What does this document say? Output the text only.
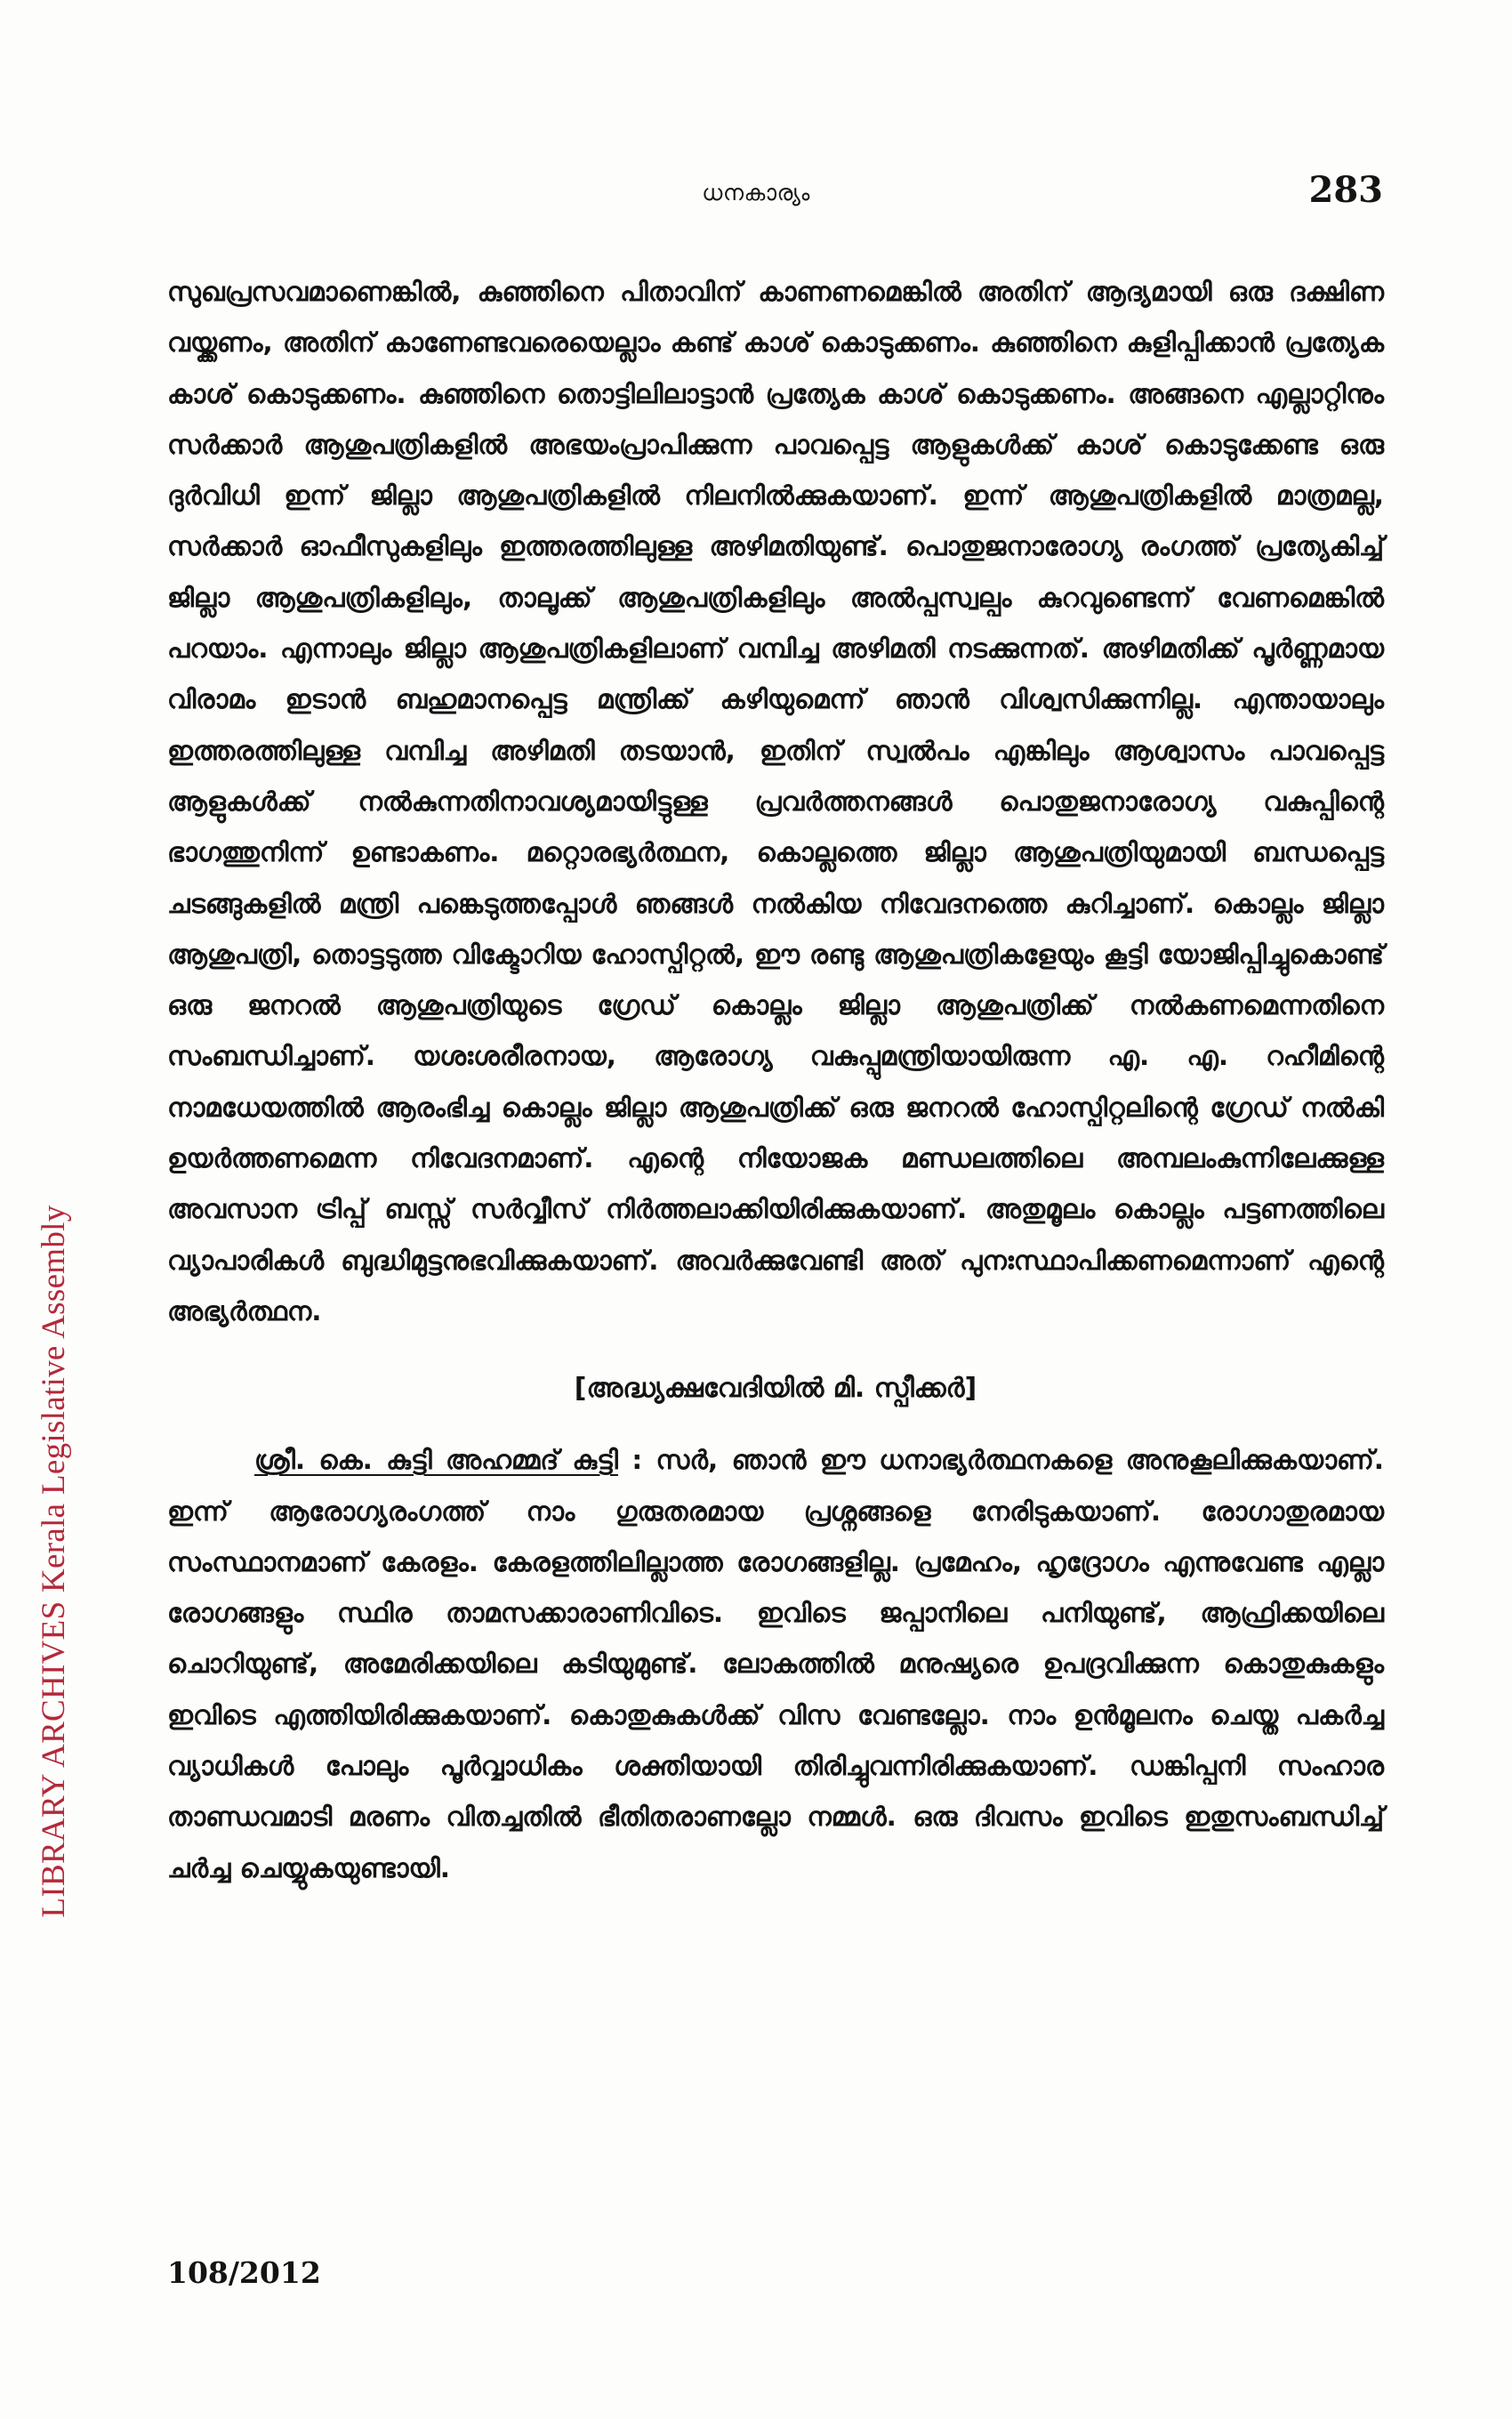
ധനകാര്യം	283
LIBRARY ARCHIVES Kerala Legislative Assembly

സുഖപ്രസവമാണെങ്കിൽ, കുഞ്ഞിനെ പിതാവിന് കാണണമെങ്കിൽ അതിന് ആദ്യമായി ഒരു ദക്ഷിണ വയ്ക്കണം, അതിന് കാണേണ്ടവരെയെല്ലാം കണ്ട് കാശ് കൊടുക്കണം. കുഞ്ഞിനെ കുളിപ്പിക്കാൻ പ്രത്യേക കാശ് കൊടുക്കണം. കുഞ്ഞിനെ തൊട്ടിലിലാട്ടാൻ പ്രത്യേക കാശ് കൊടുക്കണം. അങ്ങനെ എല്ലാറ്റിനും സർക്കാർ ആശുപത്രികളിൽ അഭയംപ്രാപിക്കുന്ന പാവപ്പെട്ട ആളുകൾക്ക് കാശ് കൊടുക്കേണ്ട ഒരു ദുർവിധി ഇന്ന് ജില്ലാ ആശുപത്രികളിൽ നിലനിൽക്കുകയാണ്. ഇന്ന് ആശുപത്രികളിൽ മാത്രമല്ല, സർക്കാർ ഓഫീസുകളിലും ഇത്തരത്തിലുള്ള അഴിമതിയുണ്ട്. പൊതുജനാരോഗ്യ രംഗത്ത് പ്രത്യേകിച്ച് ജില്ലാ ആശുപത്രികളിലും, താലൂക്ക് ആശുപത്രികളിലും അൽപ്പസ്വല്പം കുറവുണ്ടെന്ന് വേണമെങ്കിൽ പറയാം. എന്നാലും ജില്ലാ ആശുപത്രികളിലാണ് വമ്പിച്ച അഴിമതി നടക്കുന്നത്. അഴിമതിക്ക് പൂർണ്ണമായ വിരാമം ഇടാൻ ബഹുമാനപ്പെട്ട മന്ത്രിക്ക് കഴിയുമെന്ന് ഞാൻ വിശ്വസിക്കുന്നില്ല. എന്തായാലും ഇത്തരത്തിലുള്ള വമ്പിച്ച അഴിമതി തടയാൻ, ഇതിന് സ്വൽപം എങ്കിലും ആശ്വാസം പാവപ്പെട്ട ആളുകൾക്ക് നൽകുന്നതിനാവശ്യമായിട്ടുള്ള പ്രവർത്തനങ്ങൾ പൊതുജനാരോഗ്യ വകുപ്പിന്റെ ഭാഗത്തുനിന്ന് ഉണ്ടാകണം. മറ്റൊരഭ്യർത്ഥന, കൊല്ലത്തെ ജില്ലാ ആശുപത്രിയുമായി ബന്ധപ്പെട്ട ചടങ്ങുകളിൽ മന്ത്രി പങ്കെടുത്തപ്പോൾ ഞങ്ങൾ നൽകിയ നിവേദനത്തെ കുറിച്ചാണ്. കൊല്ലം ജില്ലാ ആശുപത്രി, തൊട്ടടുത്ത വിക്ടോറിയ ഹോസ്പിറ്റൽ, ഈ രണ്ടു ആശുപത്രികളേയും കൂട്ടി യോജിപ്പിച്ചുകൊണ്ട് ഒരു ജനറൽ ആശുപത്രിയുടെ ഗ്രേഡ് കൊല്ലം ജില്ലാ ആശുപത്രിക്ക് നൽകണമെന്നതിനെ സംബന്ധിച്ചാണ്. യശഃശരീരനായ, ആരോഗ്യ വകുപ്പുമന്ത്രിയായിരുന്ന എ. എ. റഹീമിന്റെ നാമധേയത്തിൽ ആരംഭിച്ച കൊല്ലം ജില്ലാ ആശുപത്രിക്ക് ഒരു ജനറൽ ഹോസ്പിറ്റലിന്റെ ഗ്രേഡ് നൽകി ഉയർത്തണമെന്ന നിവേദനമാണ്. എന്റെ നിയോജക മണ്ഡലത്തിലെ അമ്പലംകുന്നിലേക്കുള്ള അവസാന ട്രിപ്പ് ബസ്സ് സർവ്വീസ് നിർത്തലാക്കിയിരിക്കുകയാണ്. അതുമൂലം കൊല്ലം പട്ടണത്തിലെ വ്യാപാരികൾ ബുദ്ധിമുട്ടനുഭവിക്കുകയാണ്. അവർക്കുവേണ്ടി അത് പുനഃസ്ഥാപിക്കണമെന്നാണ് എന്റെ അഭ്യർത്ഥന.

[അദ്ധ്യക്ഷവേദിയിൽ മി. സ്പീക്കർ]

ശ്രീ. കെ. കുട്ടി അഹമ്മദ് കുട്ടി : സർ, ഞാൻ ഈ ധനാഭ്യർത്ഥനകളെ അനുകൂലിക്കുകയാണ്. ഇന്ന് ആരോഗ്യരംഗത്ത് നാം ഗുരുതരമായ പ്രശ്നങ്ങളെ നേരിടുകയാണ്. രോഗാതുരമായ സംസ്ഥാനമാണ് കേരളം. കേരളത്തിലില്ലാത്ത രോഗങ്ങളില്ല. പ്രമേഹം, ഹൃദ്രോഗം എന്നുവേണ്ട എല്ലാ രോഗങ്ങളും സ്ഥിര താമസക്കാരാണിവിടെ. ഇവിടെ ജപ്പാനിലെ പനിയുണ്ട്, ആഫ്രിക്കയിലെ ചൊറിയുണ്ട്, അമേരിക്കയിലെ കടിയുമുണ്ട്. ലോകത്തിൽ മനുഷ്യരെ ഉപദ്രവിക്കുന്ന കൊതുകുകളും ഇവിടെ എത്തിയിരിക്കുകയാണ്. കൊതുകുകൾക്ക് വിസ വേണ്ടല്ലോ. നാം ഉൻമൂലനം ചെയ്ത പകർച്ച വ്യാധികൾ പോലും പൂർവ്വാധികം ശക്തിയായി തിരിച്ചുവന്നിരിക്കുകയാണ്. ഡങ്കിപ്പനി സംഹാര താണ്ഡവമാടി മരണം വിതച്ചതിൽ ഭീതിതരാണല്ലോ നമ്മൾ. ഒരു ദിവസം ഇവിടെ ഇതുസംബന്ധിച്ച് ചർച്ച ചെയ്യുകയുണ്ടായി.

108/2012
